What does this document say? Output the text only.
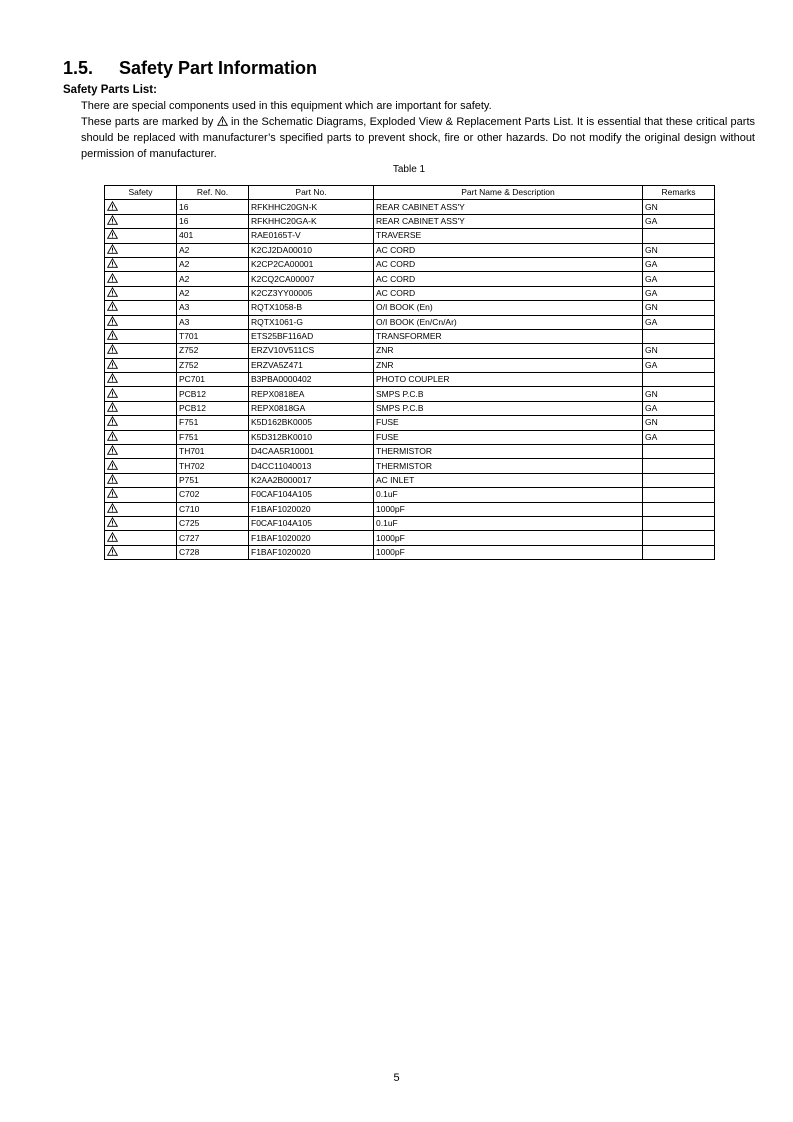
1.5. Safety Part Information

Safety Parts List:

There are special components used in this equipment which are important for safety.

These parts are marked by in the Schematic Diagrams, Exploded View & Replacement Parts List. It is essential that these critical parts should be replaced with manufacturer’s specified parts to prevent shock, fire or other hazards. Do not modify the original design without permission of manufacturer.

Table 1

Safety	Ref. No.	Part No.	Part Name & Description	Remarks
	16	RFKHHC20GN-K	REAR CABINET ASS'Y	GN
	16	RFKHHC20GA-K	REAR CABINET ASS'Y	GA
	401	RAE0165T-V	TRAVERSE	
	A2	K2CJ2DA00010	AC CORD	GN
	A2	K2CP2CA00001	AC CORD	GA
	A2	K2CQ2CA00007	AC CORD	GA
	A2	K2CZ3YY00005	AC CORD	GA
	A3	RQTX1058-B	O/I BOOK (En)	GN
	A3	RQTX1061-G	O/I BOOK (En/Cn/Ar)	GA
	T701	ETS25BF116AD	TRANSFORMER	
	Z752	ERZV10V511CS	ZNR	GN
	Z752	ERZVA5Z471	ZNR	GA
	PC701	B3PBA0000402	PHOTO COUPLER	
	PCB12	REPX0818EA	SMPS P.C.B	GN
	PCB12	REPX0818GA	SMPS P.C.B	GA
	F751	K5D162BK0005	FUSE	GN
	F751	K5D312BK0010	FUSE	GA
	TH701	D4CAA5R10001	THERMISTOR	
	TH702	D4CC11040013	THERMISTOR	
	P751	K2AA2B000017	AC INLET	
	C702	F0CAF104A105	0.1uF	
	C710	F1BAF1020020	1000pF	
	C725	F0CAF104A105	0.1uF	
	C727	F1BAF1020020	1000pF	
	C728	F1BAF1020020	1000pF	

5
